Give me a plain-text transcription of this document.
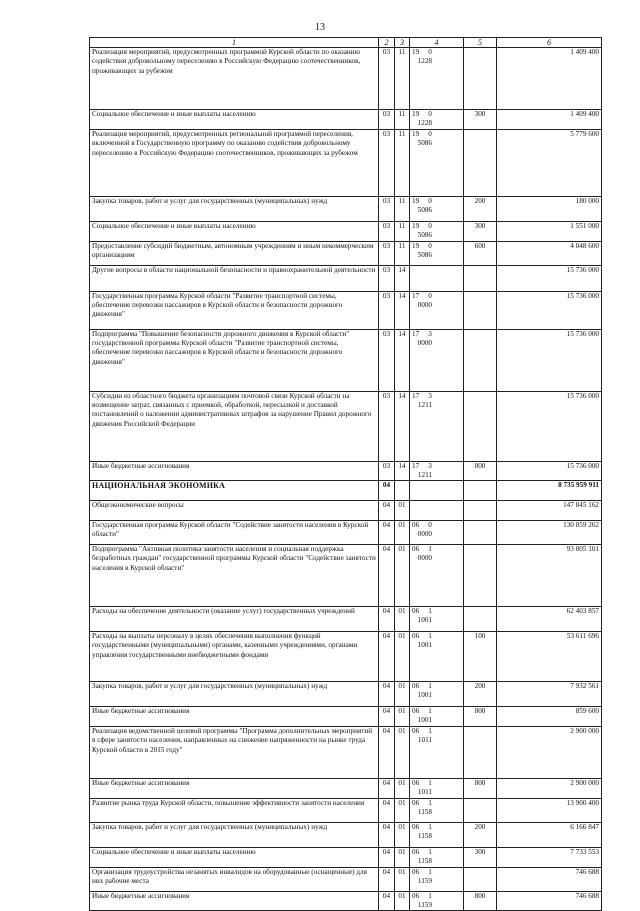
13
1	2	3	4	5	6
Реализация мероприятий, предусмотренных программой Курской области по оказанию содействия добровольному переселению в Российскую Федерацию соотечественников, проживающих за рубежом	03	11	19 01228		1 409 400
Социальное обеспечение и иные выплаты населению	03	11	19 01228	300	1 409 400
Реализация мероприятий, предусмотренных региональной программой переселения, включенной в Государственную программу по оказанию содействия добровольному переселению в Российскую Федерацию соотечественников, проживающих за рубежом	03	11	19 05086		5 779 600
Закупка товаров, работ и услуг для государственных (муниципальных) нужд	03	11	19 05086	200	180 000
Социальное обеспечение и иные выплаты населению	03	11	19 05086	300	1 551 000
Предоставление субсидий бюджетным, автономным учреждениям и иным некоммерческим организациям	03	11	19 05086	600	4 048 600
Другие вопросы в области национальной безопасности и правоохранительной деятельности	03	14			15 736 000
Государственная программа Курской области "Развитие транспортной системы, обеспечение перевозки пассажиров в Курской области и безопасности дорожного движения"	03	14	17 00000		15 736 000
Подпрограмма "Повышение безопасности дорожного движения в Курской области" государственной программы Курской области "Развитие транспортной системы, обеспечение перевозки пассажиров в Курской области и безопасности дорожного движения"	03	14	17 30000		15 736 000
Субсидии из областного бюджета организациям почтовой связи Курской области на возмещение затрат, связанных с приемкой, обработкой, пересылкой и доставкой постановлений о наложении административных штрафов за нарушение Правил дорожного движения Российской Федерации	03	14	17 31211		15 736 000
Иные бюджетные ассигнования	03	14	17 31211	800	15 736 000
НАЦИОНАЛЬНАЯ ЭКОНОМИКА	04				8 735 959 911
Общеэкономические вопросы	04	01			147 845 162
Государственная программа Курской области "Содействие занятости населения в Курской области"	04	01	06 00000		130 859 262
Подпрограмма "Активная политика занятости населения и социальная поддержка безработных граждан" государственной программы Курской области "Содействие занятости населения в Курской области"	04	01	06 10000		93 805 101
Расходы на обеспечение деятельности (оказание услуг) государственных учреждений	04	01	06 11001		62 403 857
Расходы на выплаты персоналу в целях обеспечения выполнения функций государственными (муниципальными) органами, казенными учреждениями, органами управления государственными внебюджетными фондами	04	01	06 11001	100	53 611 696
Закупка товаров, работ и услуг для государственных (муниципальных) нужд	04	01	06 11001	200	7 932 561
Иные бюджетные ассигнования	04	01	06 11001	800	859 600
Реализация ведомственной целевой программы "Программа дополнительных мероприятий в сфере занятости населения, направленных на снижение напряженности на рынке труда Курской области в 2015 году"	04	01	06 11011		2 900 000
Иные бюджетные ассигнования	04	01	06 11011	800	2 900 000
Развитие рынка труда Курской области, повышение эффективности занятости населения	04	01	06 11158		13 900 400
Закупка товаров, работ и услуг для государственных (муниципальных) нужд	04	01	06 11158	200	6 166 847
Социальное обеспечение и иные выплаты населению	04	01	06 11158	300	7 733 553
Организация трудоустройства незанятых инвалидов на оборудованные (оснащенные) для них рабочие места	04	01	06 11159		746 688
Иные бюджетные ассигнования	04	01	06 11159	800	746 688
